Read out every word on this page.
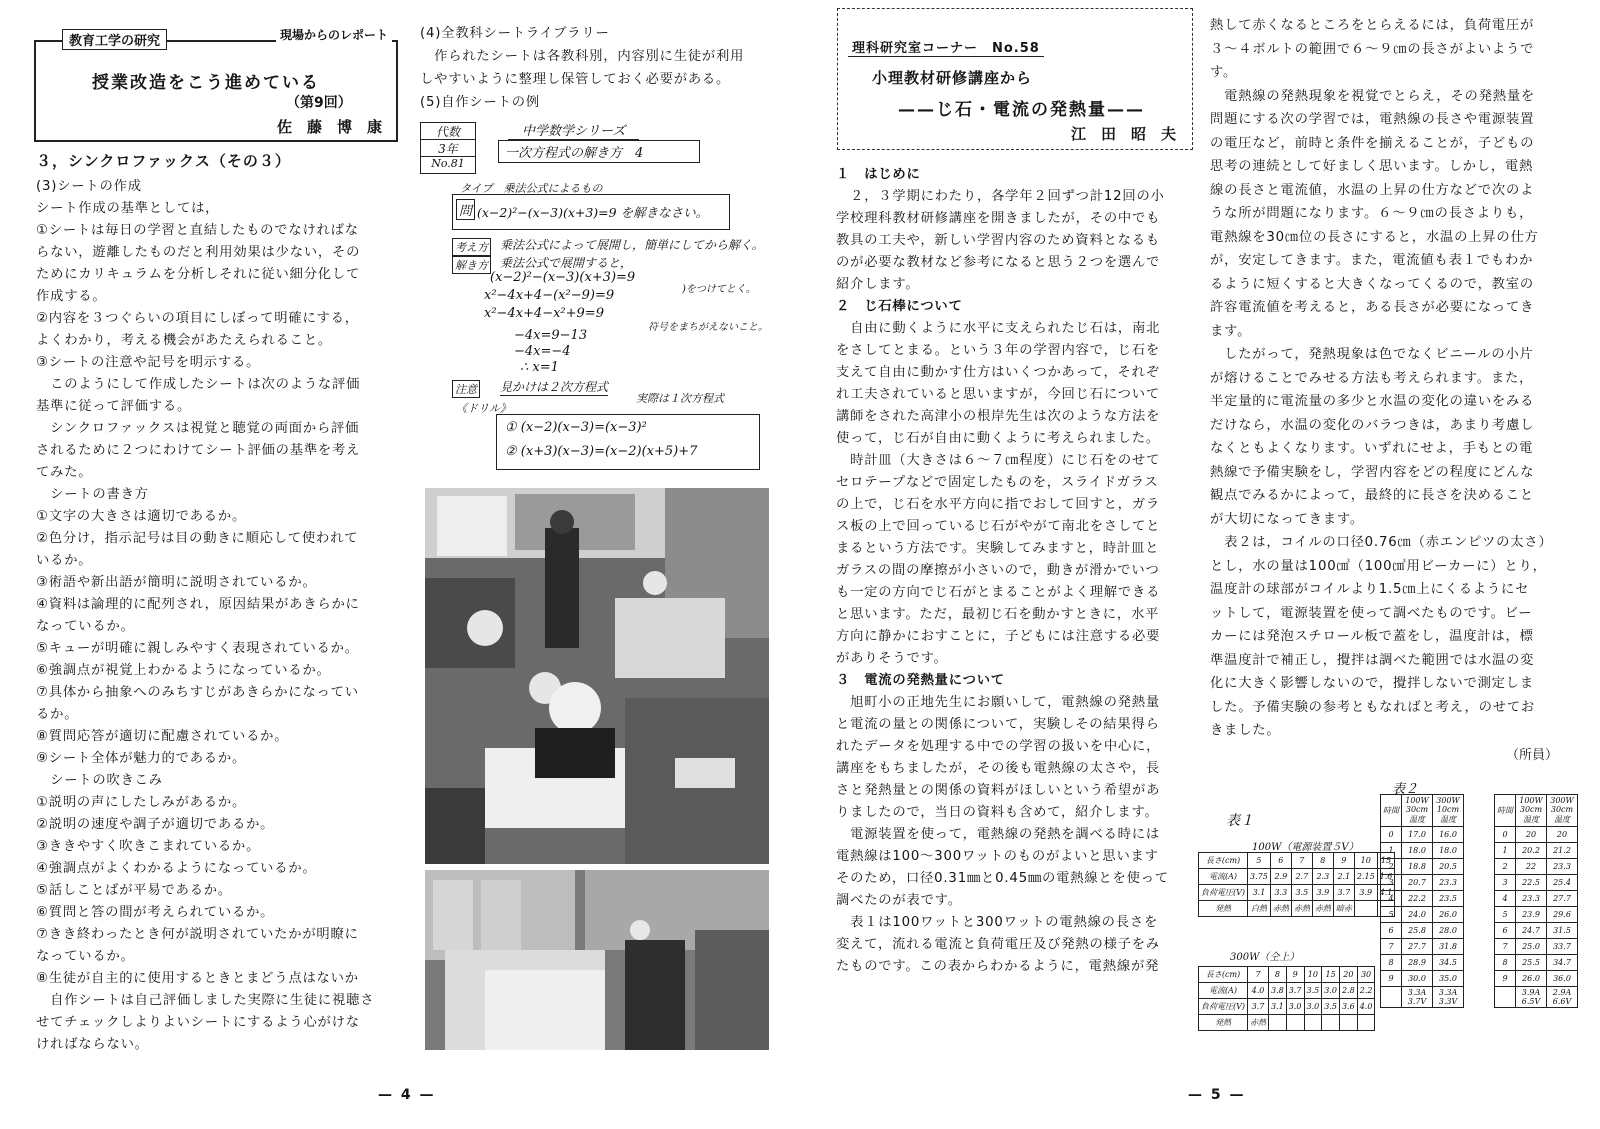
教育工学の研究	現場からのレポート
授業改造をこう進めている
（第9回）
佐　藤　博　康
３，シンクロファックス（その３）

(3)シートの作成

シート作成の基準としては，

①シートは毎日の学習と直結したものでなければな

らない，遊離したものだと利用効果は少ない，その

ためにカリキュラムを分析しそれに従い細分化して

作成する。

②内容を３つぐらいの項目にしぼって明確にする，

よくわかり，考える機会があたえられること。

③シートの注意や記号を明示する。

　このようにして作成したシートは次のような評価

基準に従って評価する。

　シンクロファックスは視覚と聴覚の両面から評価

されるために２つにわけてシート評価の基準を考え

てみた。

　シートの書き方

①文字の大きさは適切であるか。

②色分け，指示記号は目の動きに順応して使われて

いるか。

③術語や新出語が簡明に説明されているか。

④資料は論理的に配列され，原因結果があきらかに

なっているか。

⑤キューが明確に親しみやすく表現されているか。

⑥強調点が視覚上わかるようになっているか。

⑦具体から抽象へのみちすじがあきらかになってい

るか。

⑧質問応答が適切に配慮されているか。

⑨シート全体が魅力的であるか。

　シートの吹きこみ

①説明の声にしたしみがあるか。

②説明の速度や調子が適切であるか。

③ききやすく吹きこまれているか。

④強調点がよくわかるようになっているか。

⑤話しことばが平易であるか。

⑥質問と答の間が考えられているか。

⑦きき終わったとき何が説明されていたかが明瞭に

なっているか。

⑧生徒が自主的に使用するときとまどう点はないか

　自作シートは自己評価しました実際に生徒に視聴さ

せてチェックしよりよいシートにするよう心がけな

ければならない。

(4)全教科シートライブラリー

　作られたシートは各教科別，内容別に生徒が利用

しやすいように整理し保管しておく必要がある。

(5)自作シートの例

代数
3年
No.81
中学数学シリーズ
一次方程式の解き方　4
タイプ　乗法公式によるもの
問 (x−2)²−(x−3)(x+3)=9 を解きなさい。
考え方 乗法公式によって展開し，簡単にしてから解く。
解き方 乗法公式で展開すると，
(x−2)²−(x−3)(x+3)=9
x²−4x+4−(x²−9)=9
x²−4x+4−x²+9=9
−4x=9−13
−4x=−4
∴ x=1
)をつけてとく。
符号をまちがえないこと。
注意 見かけは２次方程式
実際は１次方程式
《ドリル》
① (x−2)(x−3)=(x−3)²
② (x+3)(x−3)=(x−2)(x+5)+7
— 4 —
理科研究室コーナー　No.58
小理教材研修講座から
——じ石・電流の発熱量——
江　田　昭　夫

１　はじめに

　２，３学期にわたり，各学年２回ずつ計12回の小

学校理科教材研修講座を開きましたが，その中でも

教具の工夫や，新しい学習内容のため資料となるも

のが必要な教材など参考になると思う２つを選んで

紹介します。

２　じ石棒について

　自由に動くように水平に支えられたじ石は，南北

をさしてとまる。という３年の学習内容で，じ石を

支えて自由に動かす仕方はいくつかあって，それぞ

れ工夫されていると思いますが，今回じ石について

講師をされた高津小の根岸先生は次のような方法を

使って，じ石が自由に動くように考えられました。

　時計皿（大きさは６～７㎝程度）にじ石をのせて

セロテープなどで固定したものを，スライドガラス

の上で，じ石を水平方向に指でおして回すと，ガラ

ス板の上で回っているじ石がやがて南北をさしてと

まるという方法です。実験してみますと，時計皿と

ガラスの間の摩擦が小さいので，動きが滑かでいつ

も一定の方向でじ石がとまることがよく理解できる

と思います。ただ，最初じ石を動かすときに，水平

方向に静かにおすことに，子どもには注意する必要

がありそうです。

３　電流の発熱量について

　旭町小の正地先生にお願いして，電熱線の発熱量

と電流の量との関係について，実験しその結果得ら

れたデータを処理する中での学習の扱いを中心に，

講座をもちましたが，その後も電熱線の太さや，長

さと発熱量との関係の資料がほしいという希望があ

りましたので，当日の資料も含めて，紹介します。

　電源装置を使って，電熱線の発熱を調べる時には

電熱線は100～300ワットのものがよいと思います

そのため，口径0.31㎜と0.45㎜の電熱線とを使って

調べたのが表です。

　表１は100ワットと300ワットの電熱線の長さを

変えて，流れる電流と負荷電圧及び発熱の様子をみ

たものです。この表からわかるように，電熱線が発

熱して赤くなるところをとらえるには，負荷電圧が

３～４ボルトの範囲で６～９㎝の長さがよいようで

す。

　電熱線の発熱現象を視覚でとらえ，その発熱量を

問題にする次の学習では，電熱線の長さや電源装置

の電圧など，前時と条件を揃えることが，子どもの

思考の連続として好ましく思います。しかし，電熱

線の長さと電流値，水温の上昇の仕方などで次のよ

うな所が問題になります。６～９㎝の長さよりも，

電熱線を30㎝位の長さにすると，水温の上昇の仕方

が，安定してきます。また，電流値も表１でもわか

るように短くすると大きくなってくるので，教室の

許容電流値を考えると，ある長さが必要になってき

ます。

　したがって，発熱現象は色でなくビニールの小片

が熔けることでみせる方法も考えられます。また，

半定量的に電流量の多少と水温の変化の違いをみる

だけなら，水温の変化のバラつきは，あまり考慮し

なくともよくなります。いずれにせよ，手もとの電

熱線で予備実験をし，学習内容をどの程度にどんな

観点でみるかによって，最終的に長さを決めること

が大切になってきます。

　表２は，コイルの口径0.76㎝（赤エンピツの太さ）

とし，水の量は100㎤（100㎤用ビーカーに）とり，

温度計の球部がコイルより1.5㎝上にくるようにセ

ットして，電源装置を使って調べたものです。ビー

カーには発泡スチロール板で蓋をし，温度計は，標

準温度計で補正し，攪拌は調べた範囲では水温の変

化に大きく影響しないので，攪拌しないで測定しま

した。予備実験の参考ともなればと考え，のせてお

きました。

（所員）
表１
100W（電源装置５V）
長さ(cm)	5	6	7	8	9	10	15
電流(A)	3.75	2.9	2.7	2.3	2.1	2.15	1.6
負荷電圧(V)	3.1	3.3	3.5	3.9	3.7	3.9	4.1
発熱	白熱	赤熱	赤熱	赤熱	暗赤		
300W（仝上）
長さ(cm)	7	8	9	10	15	20	30
電流(A)	4.0	3.8	3.7	3.5	3.0	2.8	2.2
負荷電圧(V)	3.7	3.1	3.0	3.0	3.5	3.6	4.0
発熱	赤熱						
表２
時間	100W 30cm 温度	300W 10cm 温度
0	17.0	16.0
1	18.0	18.0
2	18.8	20.5
3	20.7	23.3
4	22.2	23.5
5	24.0	26.0
6	25.8	28.0
7	27.7	31.8
8	28.9	34.5
9	30.0	35.0
	3.3A 3.7V	3.3A 3.3V
時間	100W 30cm 温度	300W 30cm 温度
0	20	20
1	20.2	21.2
2	22	23.3
3	22.5	25.4
4	23.3	27.7
5	23.9	29.6
6	24.7	31.5
7	25.0	33.7
8	25.5	34.7
9	26.0	36.0
	3.9A 6.5V	2.9A 6.6V
— 5 —
